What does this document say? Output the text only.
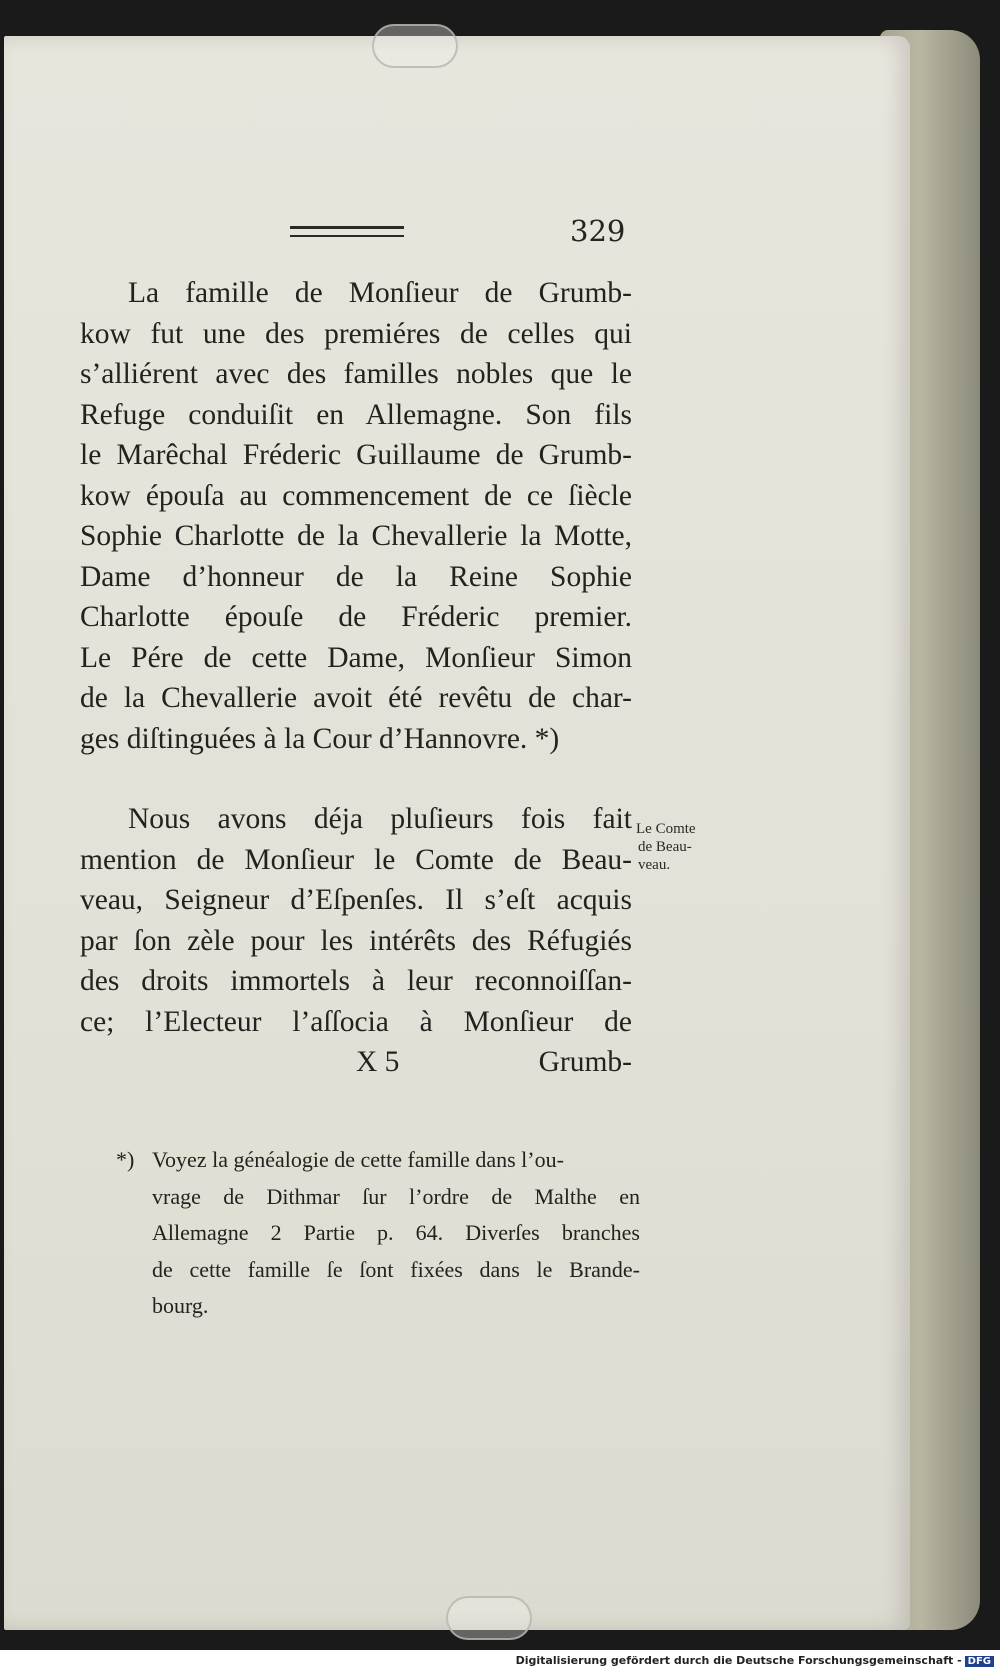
329
La famille de Monſieur de Grumb-
kow fut une des premiéres de celles qui
s’alliérent avec des familles nobles que le
Refuge conduiſit en Allemagne. Son fils
le Marêchal Fréderic Guillaume de Grumb-
kow épouſa au commencement de ce ſiècle
Sophie Charlotte de la Chevallerie la Motte,
Dame d’honneur de la Reine Sophie
Charlotte épouſe de Fréderic premier.
Le Pére de cette Dame, Monſieur Simon
de la Chevallerie avoit été revêtu de char-
ges diſtinguées à la Cour d’Hannovre. *)
Nous avons déja pluſieurs fois fait
mention de Monſieur le Comte de Beau-
veau, Seigneur d’Eſpenſes. Il s’eſt acquis
par ſon zèle pour les intérêts des Réfugiés
des droits immortels à leur reconnoiſſan-
ce; l’Electeur l’aſſocia à Monſieur de
X 5	Grumb-
Le Comte
de Beau-
veau.
*) Voyez la généalogie de cette famille dans l’ou-
vrage de Dithmar ſur l’ordre de Malthe en
Allemagne 2 Partie p. 64. Diverſes branches
de cette famille ſe ſont fixées dans le Brande-
bourg.
Digitalisierung gefördert durch die Deutsche Forschungsgemeinschaft - DFG
